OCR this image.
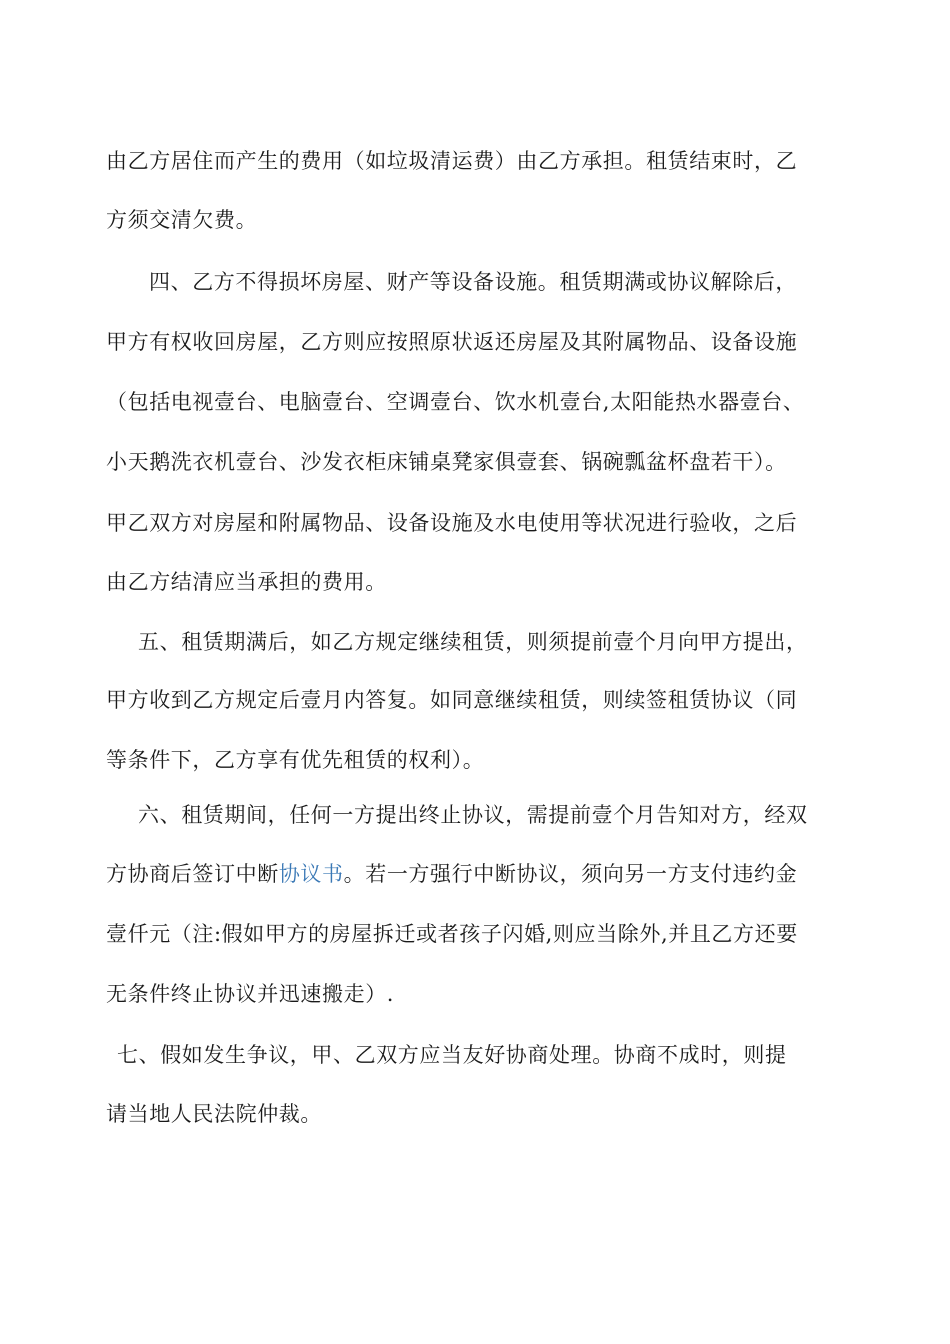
由乙方居住而产生的费用（如垃圾清运费）由乙方承担。租赁结束时，乙
方须交清欠费。
四、乙方不得损坏房屋、财产等设备设施。租赁期满或协议解除后，
甲方有权收回房屋，乙方则应按照原状返还房屋及其附属物品、设备设施
（包括电视壹台、电脑壹台、空调壹台、饮水机壹台,太阳能热水器壹台、
小天鹅洗衣机壹台、沙发衣柜床铺桌凳家俱壹套、锅碗瓢盆杯盘若干）。
甲乙双方对房屋和附属物品、设备设施及水电使用等状况进行验收，之后
由乙方结清应当承担的费用。
五、租赁期满后，如乙方规定继续租赁，则须提前壹个月向甲方提出，
甲方收到乙方规定后壹月内答复。如同意继续租赁，则续签租赁协议（同
等条件下，乙方享有优先租赁的权利）。
六、租赁期间，任何一方提出终止协议，需提前壹个月告知对方，经双
方协商后签订中断协议书。若一方强行中断协议，须向另一方支付违约金
壹仟元（注:假如甲方的房屋拆迁或者孩子闪婚,则应当除外,并且乙方还要
无条件终止协议并迅速搬走）.
七、假如发生争议，甲、乙双方应当友好协商处理。协商不成时，则提
请当地人民法院仲裁。
